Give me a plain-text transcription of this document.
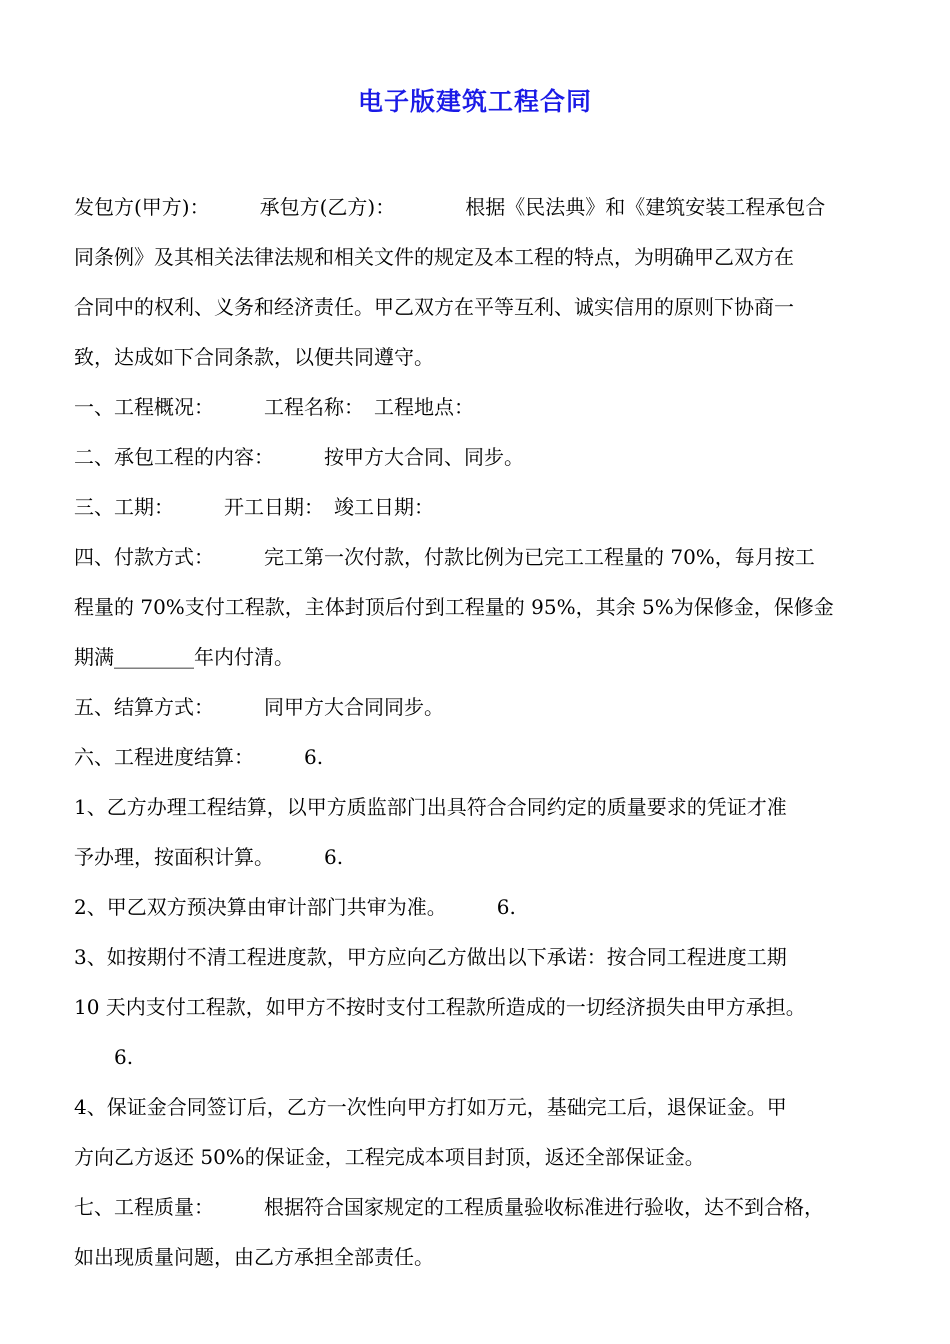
电子版建筑工程合同
发包方(甲方)：　　　承包方(乙方)：　　　　根据《民法典》和《建筑安装工程承包合
同条例》及其相关法律法规和相关文件的规定及本工程的特点，为明确甲乙双方在
合同中的权利、义务和经济责任。甲乙双方在平等互利、诚实信用的原则下协商一
致，达成如下合同条款，以便共同遵守。
一、工程概况：　　　工程名称：　工程地点：
二、承包工程的内容：　　　按甲方大合同、同步。
三、工期：　　　开工日期：　竣工日期：
四、付款方式：　　　完工第一次付款，付款比例为已完工工程量的 70%，每月按工
程量的 70%支付工程款，主体封顶后付到工程量的 95%，其余 5%为保修金，保修金
期满________年内付清。
五、结算方式：　　　同甲方大合同同步。
六、工程进度结算：　　　6.
1、乙方办理工程结算，以甲方质监部门出具符合合同约定的质量要求的凭证才准
予办理，按面积计算。　　　6.
2、甲乙双方预决算由审计部门共审为准。　　　6.
3、如按期付不清工程进度款，甲方应向乙方做出以下承诺：按合同工程进度工期
10 天内支付工程款，如甲方不按时支付工程款所造成的一切经济损失由甲方承担。
　　6.
4、保证金合同签订后，乙方一次性向甲方打如万元，基础完工后，退保证金。甲
方向乙方返还 50%的保证金，工程完成本项目封顶，返还全部保证金。
七、工程质量：　　　根据符合国家规定的工程质量验收标准进行验收，达不到合格，
如出现质量问题，由乙方承担全部责任。
